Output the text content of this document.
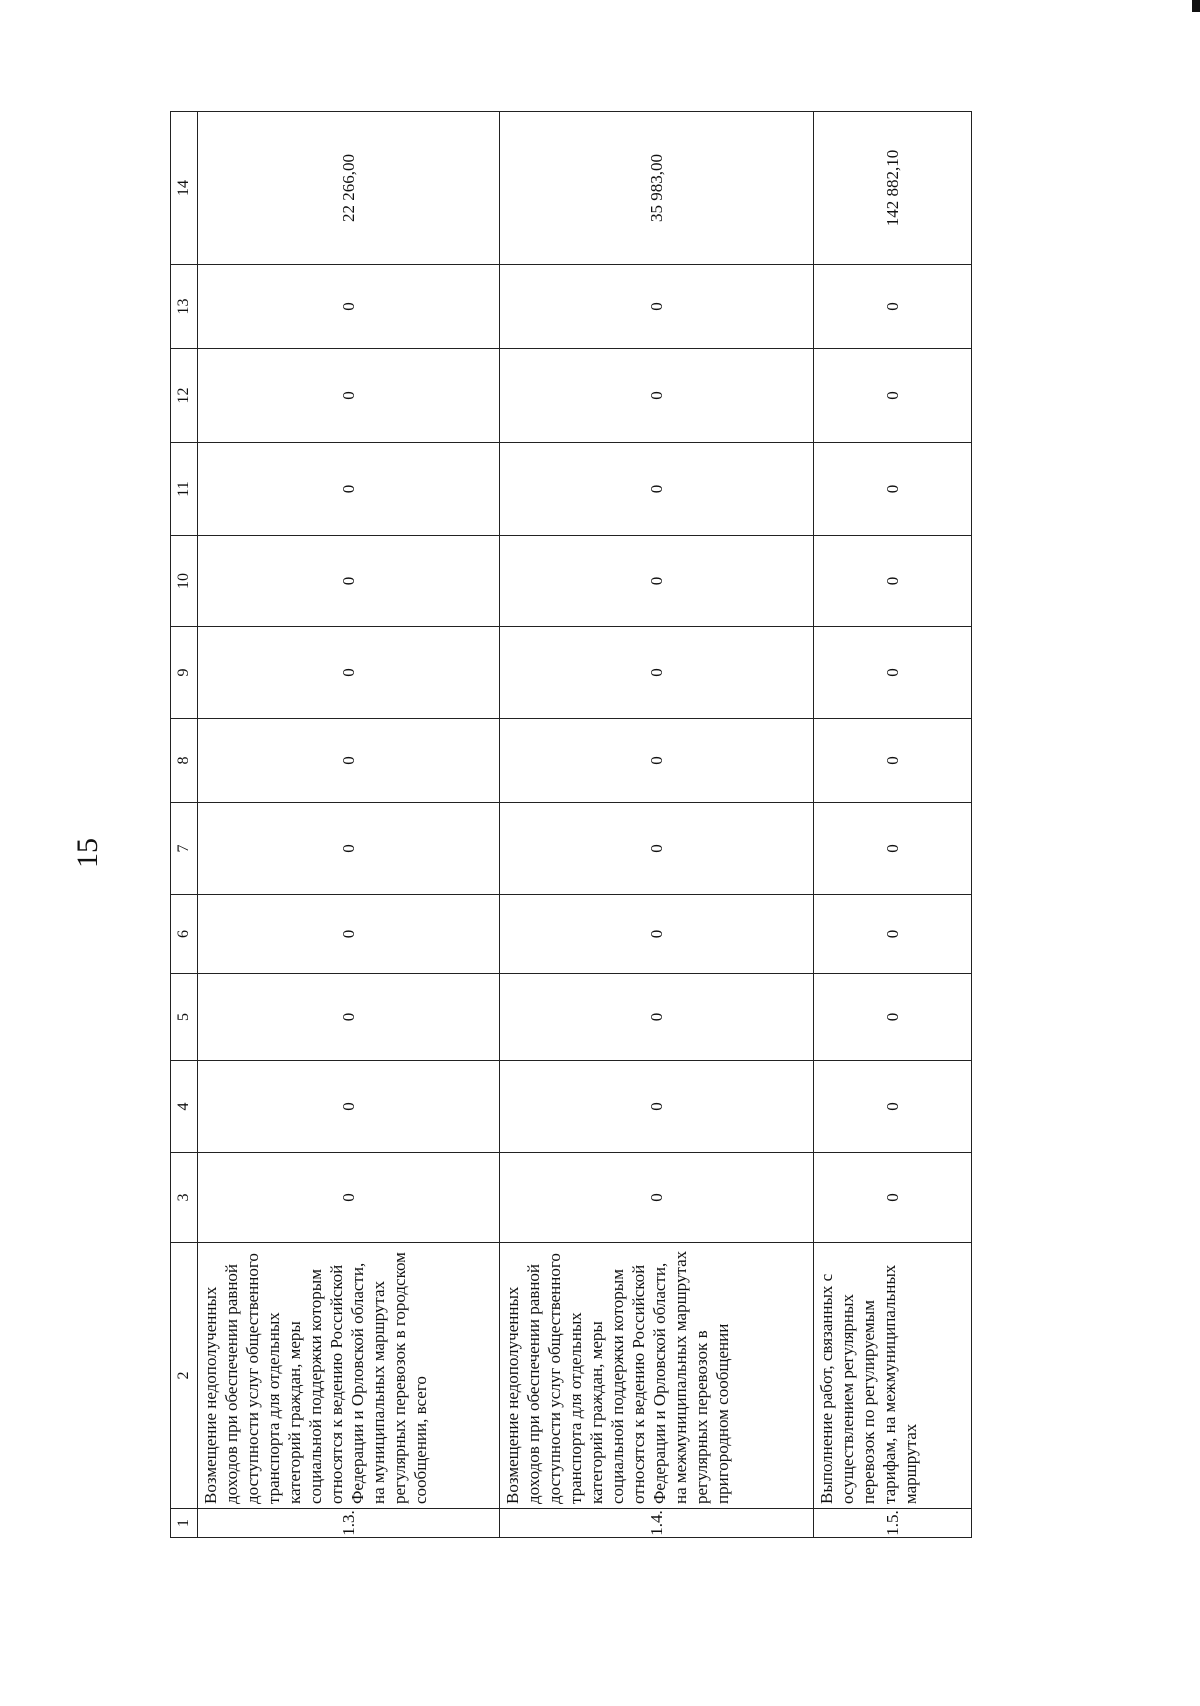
15
1	2	3	4	5	6	7	8	9	10	11	12	13	14
1.3.	Возмещение недополученных доходов при обеспечении равной доступности услуг общественного транспорта для отдельных категорий граждан, меры социальной поддержки которым относятся к ведению Российской Федерации и Орловской области, на муниципальных маршрутах регулярных перевозок в городском сообщении, всего	0	0	0	0	0	0	0	0	0	0	0	22 266,00
1.4.	Возмещение недополученных доходов при обеспечении равной доступности услуг общественного транспорта для отдельных категорий граждан, меры социальной поддержки которым относятся к ведению Российской Федерации и Орловской области, на межмуниципальных маршрутах регулярных перевозок в пригородном сообщении	0	0	0	0	0	0	0	0	0	0	0	35 983,00
1.5.	Выполнение работ, связанных с осуществлением регулярных перевозок по регулируемым тарифам, на межмуниципальных маршрутах	0	0	0	0	0	0	0	0	0	0	0	142 882,10
